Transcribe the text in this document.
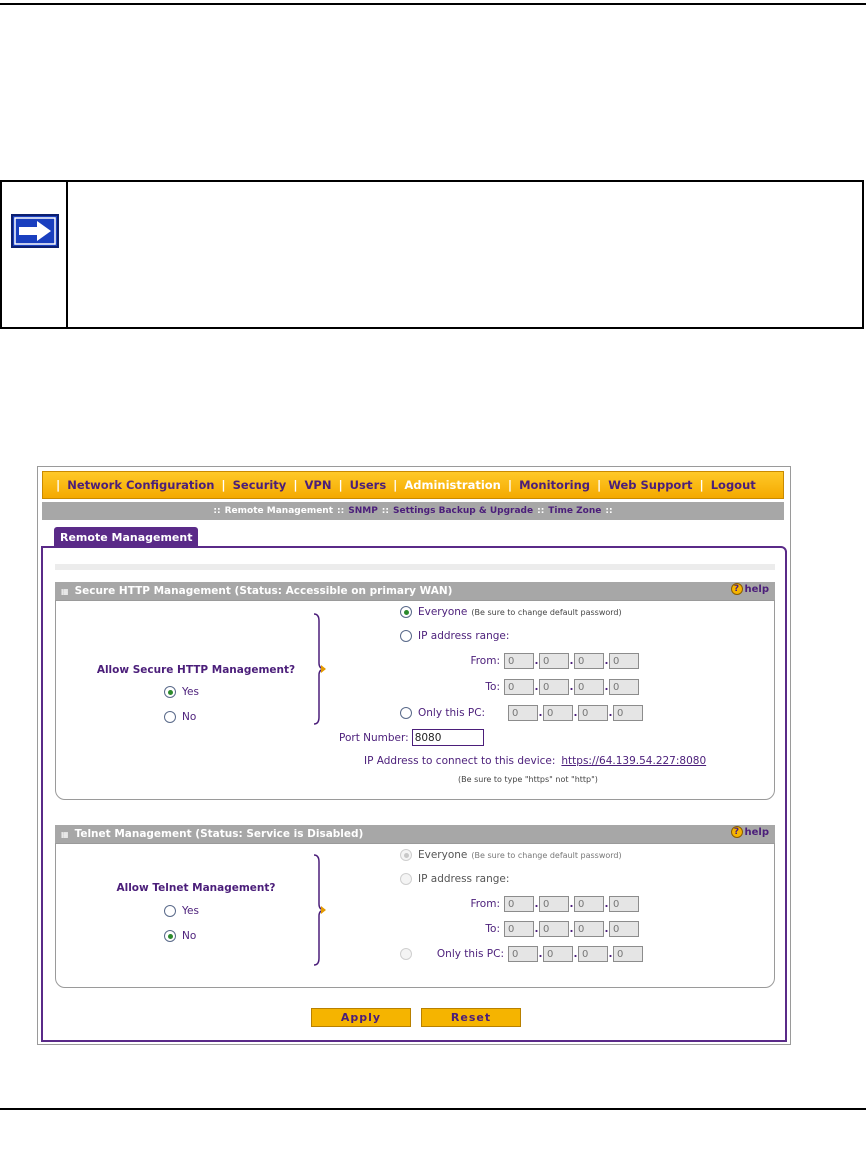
| Network Configuration | Security | VPN | Users | Administration | Monitoring | Web Support | Logout
:: Remote Management :: SNMP :: Settings Backup & Upgrade :: Time Zone ::
Remote Management
▦ Secure HTTP Management (Status: Accessible on primary WAN)	? help
Allow Secure HTTP Management?
Yes
No
Everyone (Be sure to change default password)
IP address range:
From:
0	.
0	.
0	.
0
To:
0	.
0	.
0	.
0
Only this PC:
0	.
0	.
0	.
0
Port Number:
8080
IP Address to connect to this device: https://64.139.54.227:8080
(Be sure to type "https" not "http")
▦ Telnet Management (Status: Service is Disabled)	? help
Allow Telnet Management?
Yes
No
Everyone (Be sure to change default password)
IP address range:
From:
0	.
0	.
0	.
0
To:
0	.
0	.
0	.
0
Only this PC:
0	.
0	.
0	.
0
Apply	Reset
